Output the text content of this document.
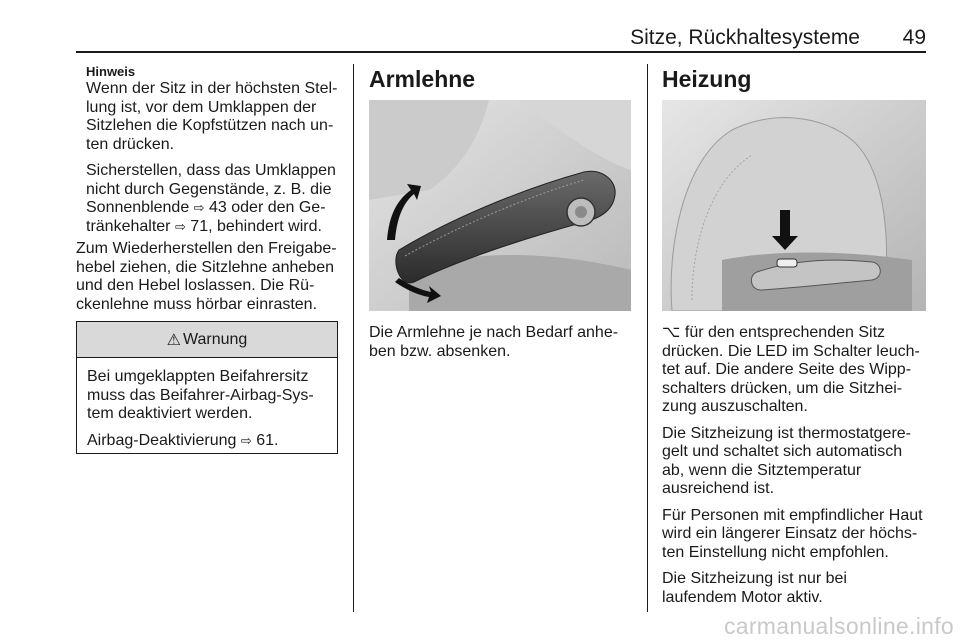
Sitze, Rückhaltesysteme 49
Hinweis

Wenn der Sitz in der höchsten Stel-lung ist, vor dem Umklappen der Sitzlehen die Kopfstützen nach un-ten drücken.

Sicherstellen, dass das Umklappen nicht durch Gegenstände, z. B. die Sonnenblende ⇨ 43 oder den Ge-tränkehalter ⇨ 71, behindert wird.

Zum Wiederherstellen den Freigabe-hebel ziehen, die Sitzlehne anheben und den Hebel loslassen. Die Rü-ckenlehne muss hörbar einrasten.

⚠ Warnung

Bei umgeklappten Beifahrersitz muss das Beifahrer-Airbag-Sys-tem deaktiviert werden.

Airbag-Deaktivierung ⇨ 61.

Armlehne

Die Armlehne je nach Bedarf anhe-ben bzw. absenken.

Heizung

⌥ für den entsprechenden Sitz drücken. Die LED im Schalter leuch-tet auf. Die andere Seite des Wipp-schalters drücken, um die Sitzhei-zung auszuschalten.

Die Sitzheizung ist thermostatgere-gelt und schaltet sich automatisch ab, wenn die Sitztemperatur ausreichend ist.

Für Personen mit empfindlicher Haut wird ein längerer Einsatz der höchs-ten Einstellung nicht empfohlen.

Die Sitzheizung ist nur bei laufendem Motor aktiv.

carmanualsonline.info
